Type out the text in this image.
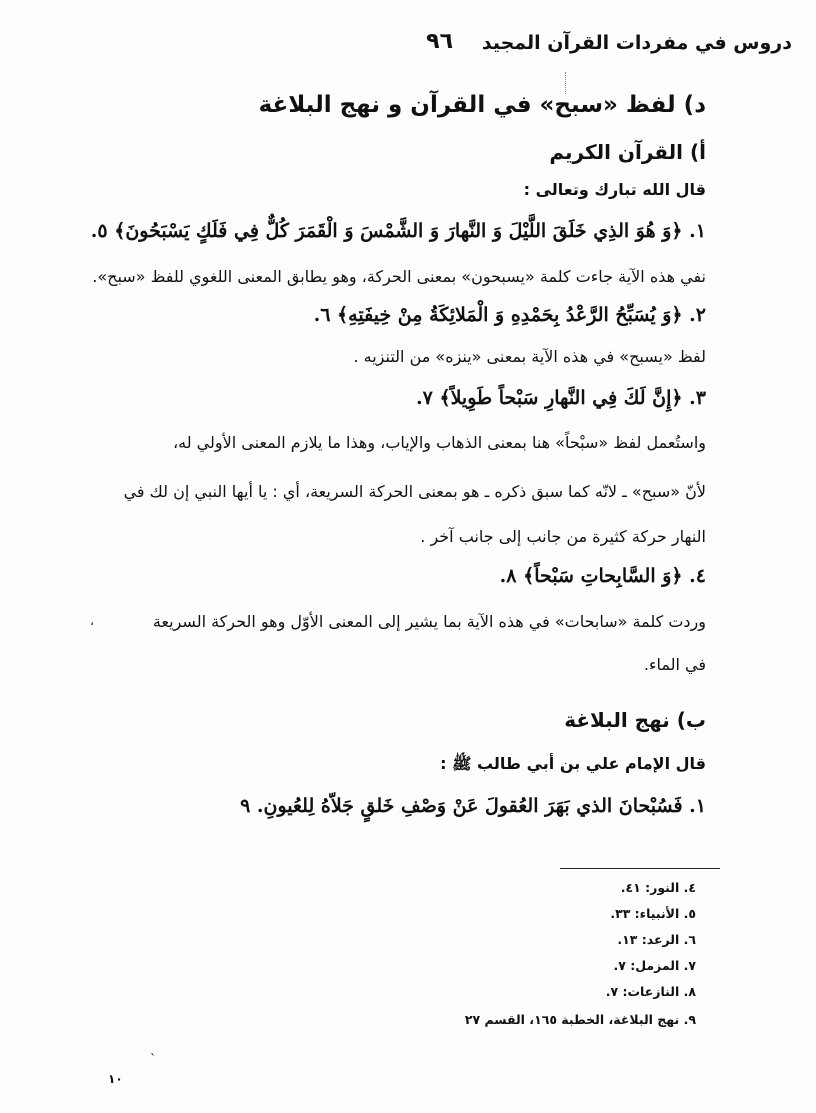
دروس في مفردات القرآن المجيد
٩٦
د) لفظ «سبح» في القرآن و نهج البلاغة
أ) القرآن الكريم
قال الله تبارك وتعالى :
١. ﴿وَ هُوَ الذِي خَلَقَ اللَّيْلَ وَ النَّهارَ وَ الشَّمْسَ وَ الْقَمَرَ كُلٌّ فِي فَلَكٍ يَسْبَحُونَ﴾ ٥.
نفي هذه الآية جاءت كلمة «يسبحون» بمعنى الحركة، وهو يطابق المعنى اللغوي للفظ «سبح».
٢. ﴿وَ يُسَبِّحُ الرَّعْدُ بِحَمْدِهِ وَ الْمَلائِكَةُ مِنْ خِيفَتِهِ﴾ ٦.
لفظ «يسبح» في هذه الآية بمعنى «ينزه» من التنزيه .
٣. ﴿إِنَّ لَكَ فِي النَّهارِ سَبْحاً طَوِيلاً﴾ ٧.
واستُعمل لفظ «سبْحاً» هنا بمعنى الذهاب والإياب، وهذا ما يلازم المعنى الأولي له،
لأنّ «سبح» ـ لانّه كما سبق ذكره ـ هو بمعنى الحركة السريعة، أي : يا أيها النبي إن لك في
النهار حركة كثيرة من جانب إلى جانب آخر .
٤. ﴿وَ السَّابِحاتِ سَبْحاً﴾ ٨.
وردت كلمة «سابحات» في هذه الآية بما يشير إلى المعنى الأوّل وهو الحركة السريعة
في الماء.
،
ب) نهج البلاغة
قال الإمام علي بن أبي طالب ﷺ :
١. فَسُبْحانَ الذي بَهَرَ العُقولَ عَنْ وَصْفِ خَلقٍ جَلاّهُ لِلعُيونِ. ٩
٤. النور: ٤١.
٥. الأنبياء: ٣٣.
٦. الرعد: ١٣.
٧. المزمل: ٧.
٨. النازعات: ٧.
٩. نهج البلاغة، الخطبة ١٦٥، القسم ٢٧
`
١٠
